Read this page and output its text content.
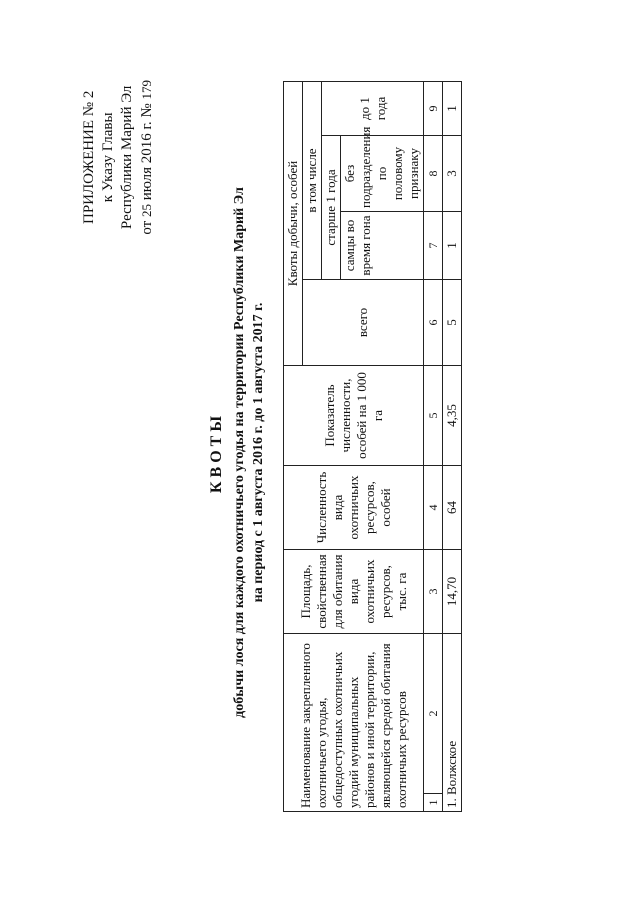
ПРИЛОЖЕНИЕ № 2 к Указу Главы Республики Марий Эл от 25 июля 2016 г. № 179
КВОТЫ добычи лося для каждого охотничьего угодья на территории Республики Марий Эл на период с 1 августа 2016 г. до 1 августа 2017 г.
Наименование закрепленного охотничьего угодья, общедоступных охотничьих угодий муниципальных районов и иной территории, являющейся средой обитания охотничьих ресурсов		Площадь, свойственная для обитания вида охотничьих ресурсов, тыс. га	Численность вида охотничьих ресурсов, особей	Показатель численности, особей на 1 000 га	Квоты добычи, особей			
					всего	в том числе		
						старше 1 года		до 1 года
						самцы во время гона	без подразделения по половому признаку	
1	2	3	4	5	6	7	8	9
1. Волжское		14,70	64	4,35	5	1	3	1
